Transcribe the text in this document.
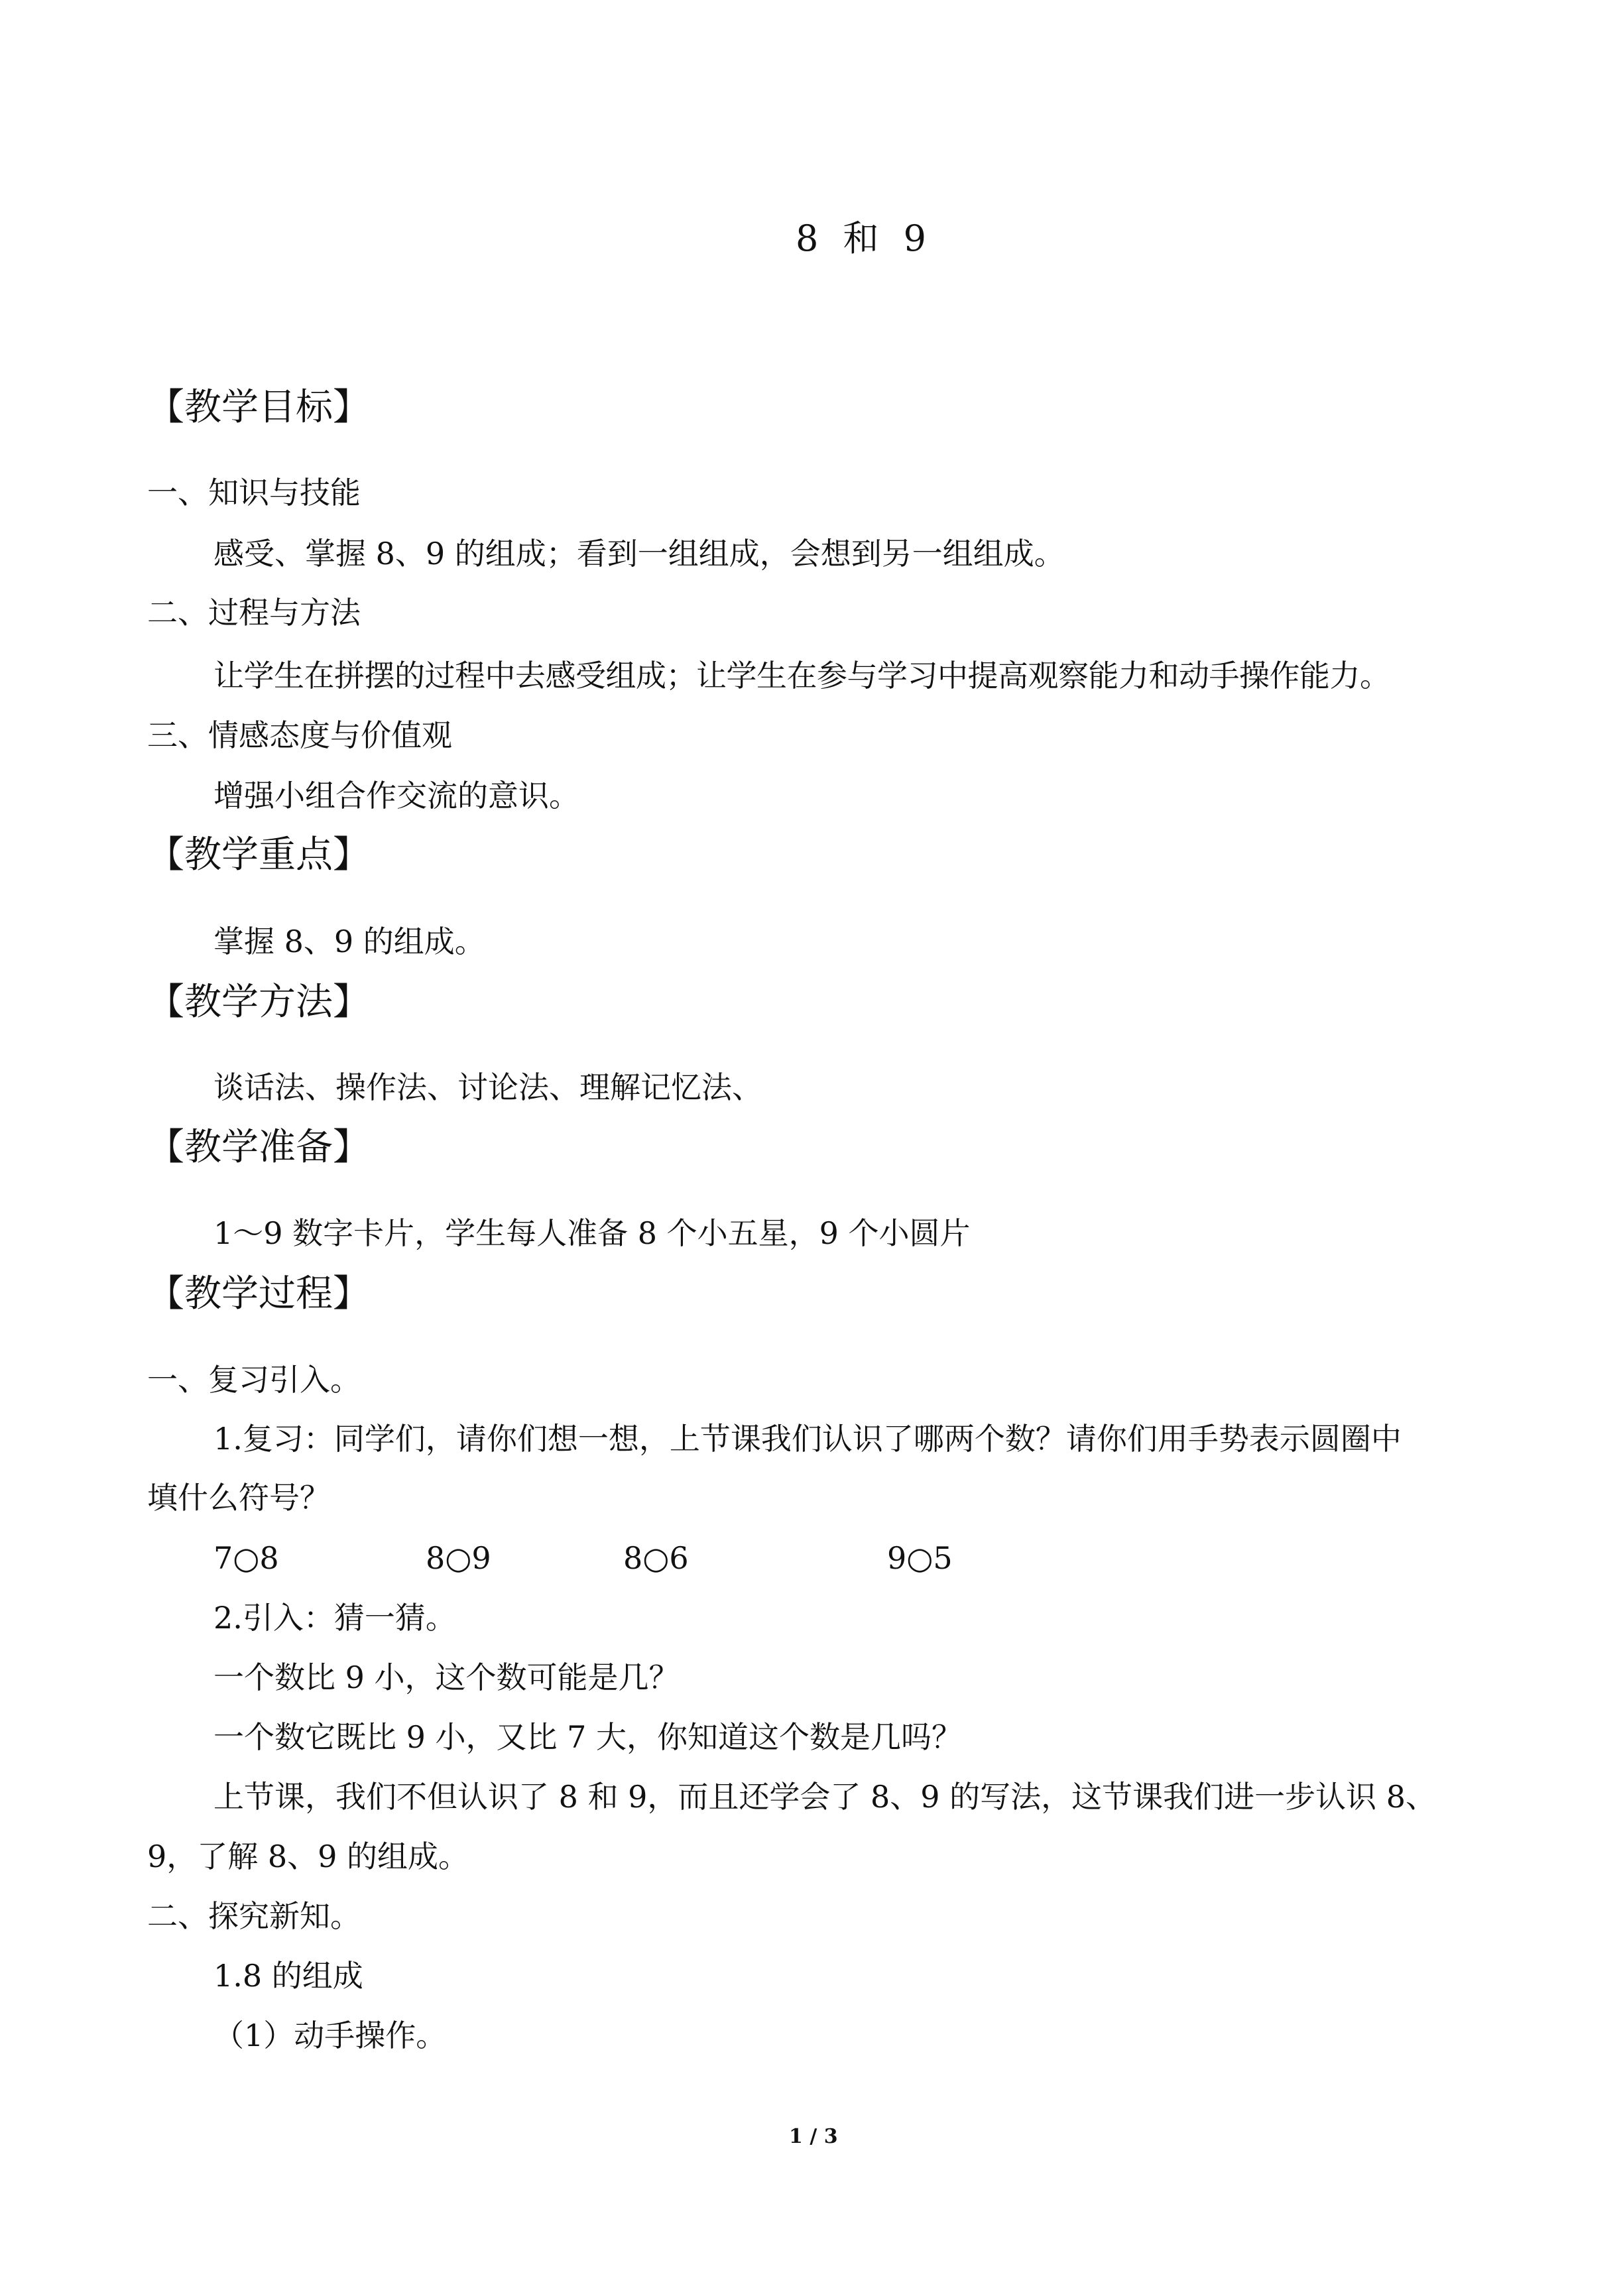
8 和 9
【教学目标】
一、知识与技能
感受、掌握 8、9 的组成；看到一组组成，会想到另一组组成。
二、过程与方法
让学生在拼摆的过程中去感受组成；让学生在参与学习中提高观察能力和动手操作能力。
三、情感态度与价值观
增强小组合作交流的意识。
【教学重点】
掌握 8、9 的组成。
【教学方法】
谈话法、操作法、讨论法、理解记忆法、
【教学准备】
1～9 数字卡片，学生每人准备 8 个小五星，9 个小圆片
【教学过程】
一、复习引入。
1.复习：同学们，请你们想一想，上节课我们认识了哪两个数？请你们用手势表示圆圈中
填什么符号？
7○8	8○9	8○6	9○5
2.引入：猜一猜。
一个数比 9 小，这个数可能是几？
一个数它既比 9 小，又比 7 大，你知道这个数是几吗？
上节课，我们不但认识了 8 和 9，而且还学会了 8、9 的写法，这节课我们进一步认识 8、
9，了解 8、9 的组成。
二、探究新知。
1.8 的组成
（1）动手操作。
1 / 3
